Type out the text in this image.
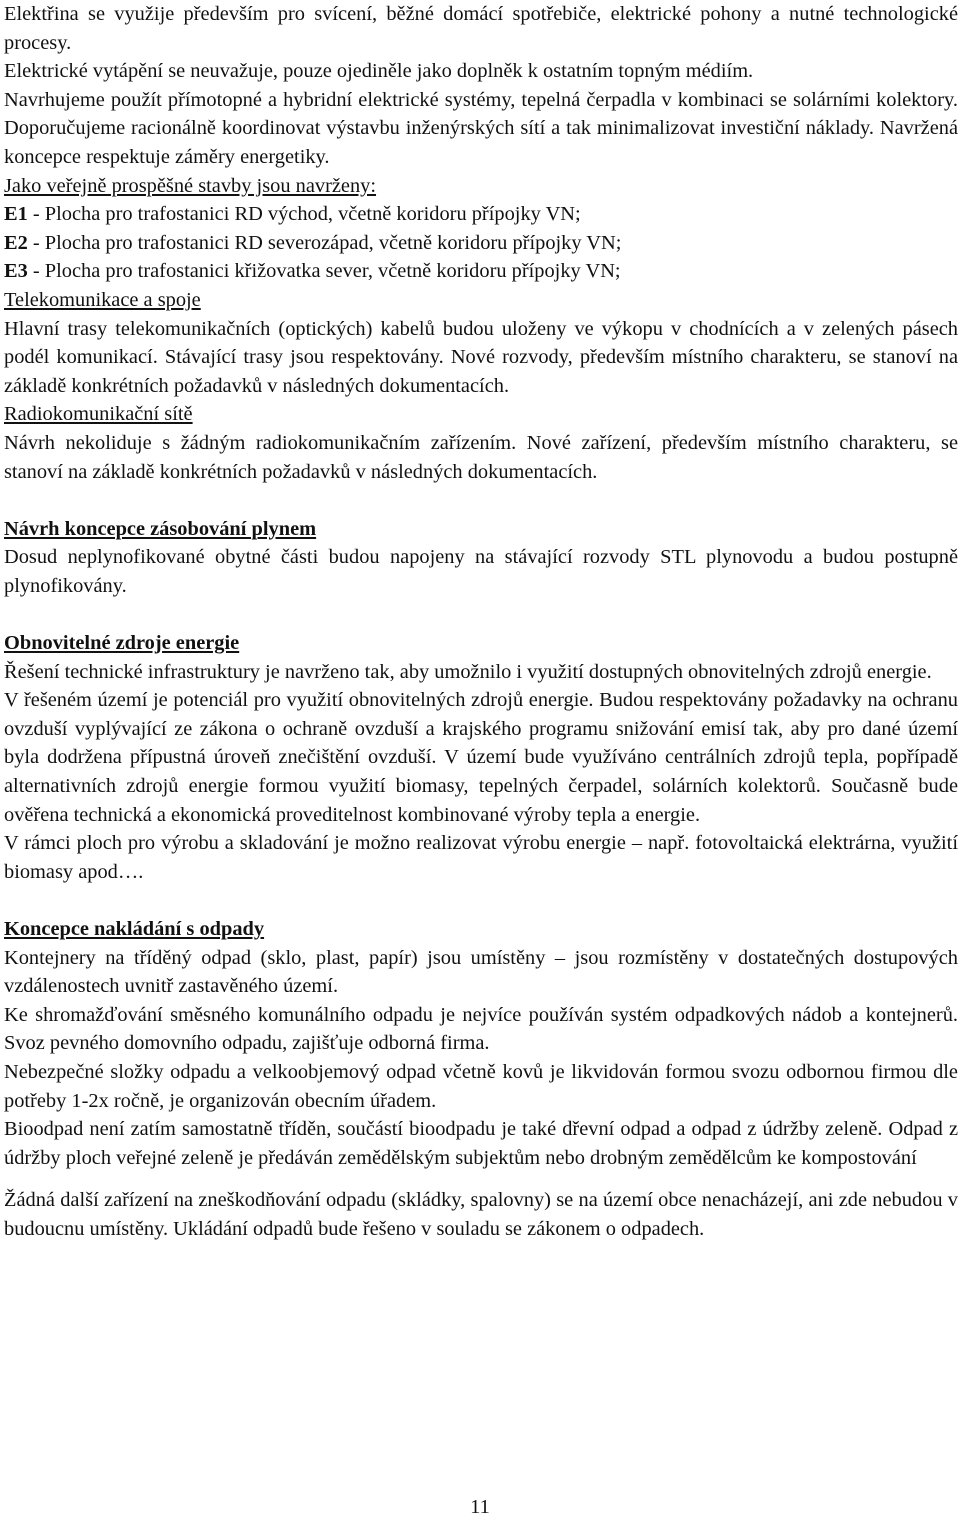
Elektřina se využije především pro svícení, běžné domácí spotřebiče, elektrické pohony a nutné technologické procesy.

Elektrické vytápění se neuvažuje, pouze ojediněle jako doplněk k ostatním topným médiím.

Navrhujeme použít přímotopné a hybridní elektrické systémy, tepelná čerpadla v kombinaci se solárními kolektory. Doporučujeme racionálně koordinovat výstavbu inženýrských sítí a tak minimalizovat investiční náklady. Navržená koncepce respektuje záměry energetiky.

Jako veřejně prospěšné stavby jsou navrženy:

E1 - Plocha pro trafostanici RD východ, včetně koridoru přípojky VN;

E2 - Plocha pro trafostanici RD severozápad, včetně koridoru přípojky VN;

E3 - Plocha pro trafostanici křižovatka sever, včetně koridoru přípojky VN;

Telekomunikace a spoje

Hlavní trasy telekomunikačních (optických) kabelů budou uloženy ve výkopu v chodnících a v zelených pásech podél komunikací. Stávající trasy jsou respektovány. Nové rozvody, především místního charakteru, se stanoví na základě konkrétních požadavků v následných dokumentacích.

Radiokomunikační sítě

Návrh nekoliduje s žádným radiokomunikačním zařízením. Nové zařízení, především místního charakteru, se stanoví na základě konkrétních požadavků v následných dokumentacích.

Návrh koncepce zásobování plynem

Dosud neplynofikované obytné části budou napojeny na stávající rozvody STL plynovodu a budou postupně plynofikovány.

Obnovitelné zdroje energie

Řešení technické infrastruktury je navrženo tak, aby umožnilo i využití dostupných obnovitelných zdrojů energie.

V řešeném území je potenciál pro využití obnovitelných zdrojů energie. Budou respektovány požadavky na ochranu ovzduší vyplývající ze zákona o ochraně ovzduší a krajského programu snižování emisí tak, aby pro dané území byla dodržena přípustná úroveň znečištění ovzduší. V území bude využíváno centrálních zdrojů tepla, popřípadě alternativních zdrojů energie formou využití biomasy, tepelných čerpadel, solárních kolektorů. Současně bude ověřena technická a ekonomická proveditelnost kombinované výroby tepla a energie.

V rámci ploch pro výrobu a skladování je možno realizovat výrobu energie – např. fotovoltaická elektrárna, využití biomasy apod….

Koncepce nakládání s odpady

Kontejnery na tříděný odpad (sklo, plast, papír) jsou umístěny – jsou rozmístěny v dostatečných dostupových vzdálenostech uvnitř zastavěného území.

Ke shromažďování směsného komunálního odpadu je nejvíce používán systém odpadkových nádob a kontejnerů. Svoz pevného domovního odpadu, zajišťuje odborná firma.

Nebezpečné složky odpadu a velkoobjemový odpad včetně kovů je likvidován formou svozu odbornou firmou dle potřeby 1-2x ročně, je organizován obecním úřadem.

Bioodpad není zatím samostatně tříděn, součástí bioodpadu je také dřevní odpad a odpad z údržby zeleně. Odpad z údržby ploch veřejné zeleně je předáván zemědělským subjektům nebo drobným zemědělcům ke kompostování

Žádná další zařízení na zneškodňování odpadu (skládky, spalovny) se na území obce nenacházejí, ani zde nebudou v budoucnu umístěny. Ukládání odpadů bude řešeno v souladu se zákonem o odpadech.

11
